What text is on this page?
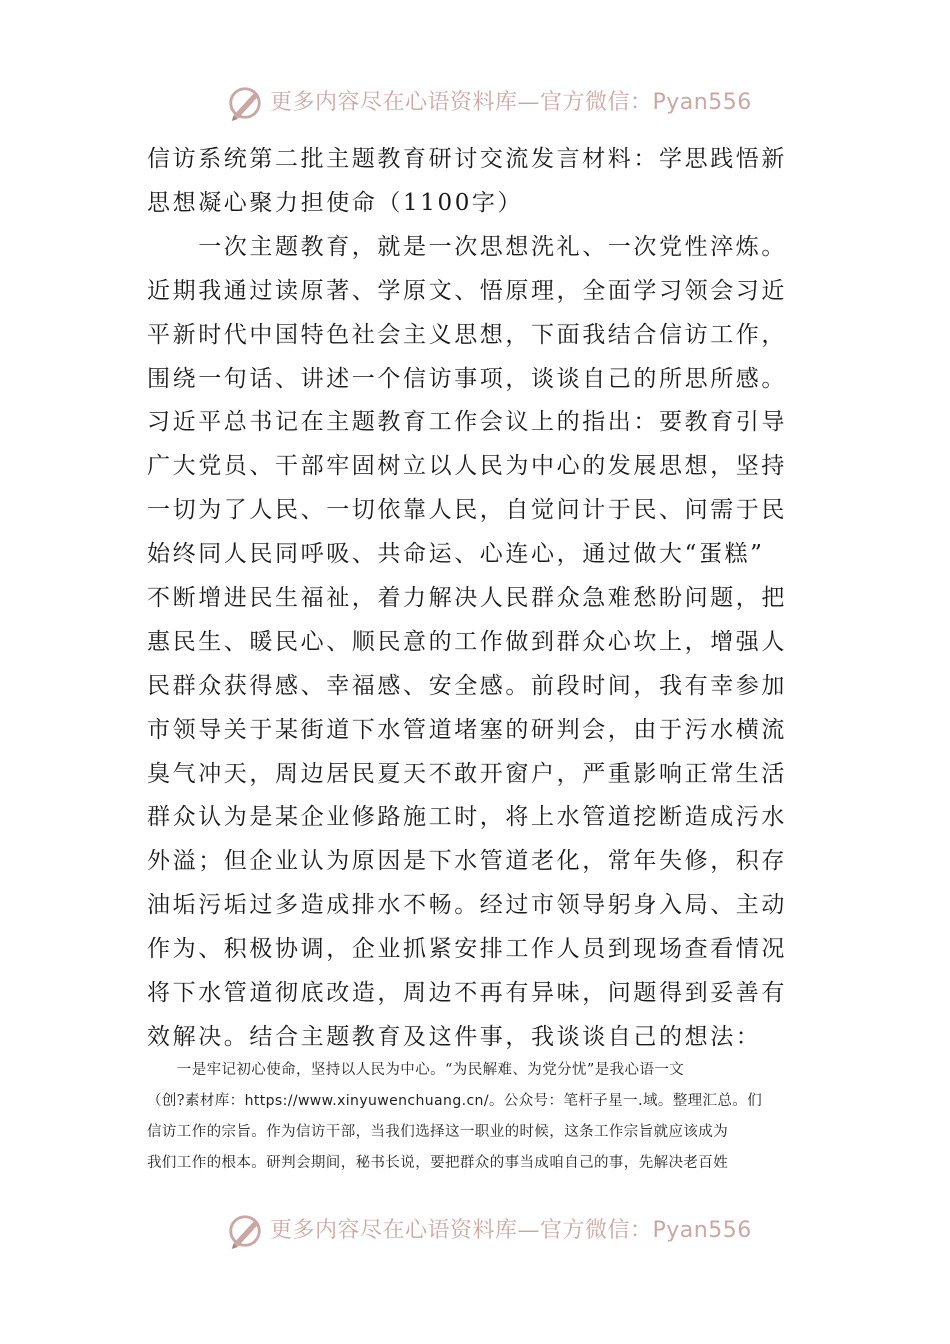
更多内容尽在心语资料库—官方微信：Pyan556
信访系统第二批主题教育研讨交流发言材料：学思践悟新
思想凝心聚力担使命（1100字）
　　一次主题教育，就是一次思想洗礼、一次党性淬炼。
近期我通过读原著、学原文、悟原理，全面学习领会习近
平新时代中国特色社会主义思想，下面我结合信访工作，
围绕一句话、讲述一个信访事项，谈谈自己的所思所感。
习近平总书记在主题教育工作会议上的指出：要教育引导
广大党员、干部牢固树立以人民为中心的发展思想，坚持
一切为了人民、一切依靠人民，自觉问计于民、问需于民
始终同人民同呼吸、共命运、心连心，通过做大“蛋糕”
不断增进民生福祉，着力解决人民群众急难愁盼问题，把
惠民生、暖民心、顺民意的工作做到群众心坎上，增强人
民群众获得感、幸福感、安全感。前段时间，我有幸参加
市领导关于某街道下水管道堵塞的研判会，由于污水横流
臭气冲天，周边居民夏天不敢开窗户，严重影响正常生活
群众认为是某企业修路施工时，将上水管道挖断造成污水
外溢；但企业认为原因是下水管道老化，常年失修，积存
油垢污垢过多造成排水不畅。经过市领导躬身入局、主动
作为、积极协调，企业抓紧安排工作人员到现场查看情况
将下水管道彻底改造，周边不再有异味，问题得到妥善有
效解决。结合主题教育及这件事，我谈谈自己的想法：
　　一是牢记初心使命，坚持以人民为中心。“为民解难、为党分忧”是我心语一文
（创?素材库：https://www.xinyuwenchuang.cn/。公众号：笔杆子星一.域。整理汇总。们
信访工作的宗旨。作为信访干部，当我们选择这一职业的时候，这条工作宗旨就应该成为
我们工作的根本。研判会期间，秘书长说，要把群众的事当成咱自己的事，先解决老百姓
更多内容尽在心语资料库—官方微信：Pyan556
